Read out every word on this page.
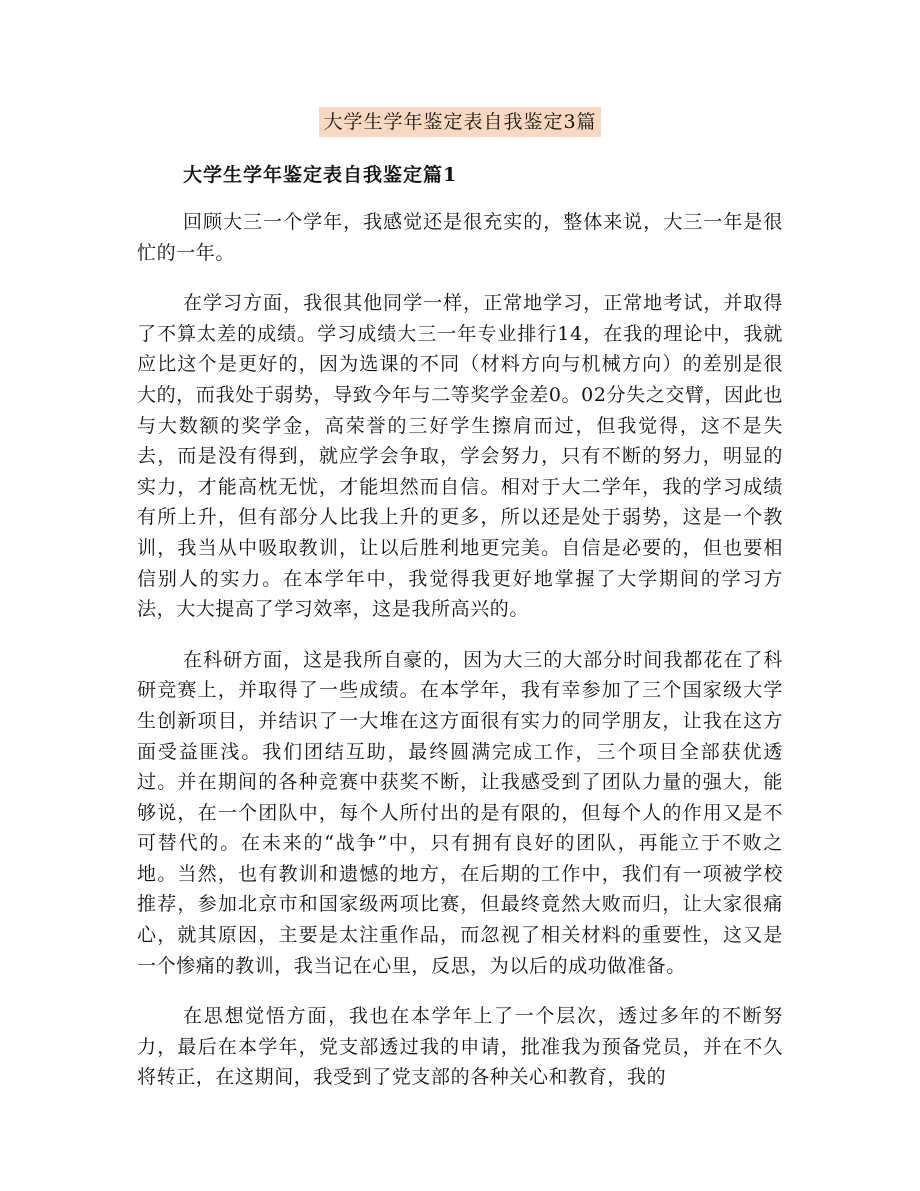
大学生学年鉴定表自我鉴定3篇
大学生学年鉴定表自我鉴定篇1

回顾大三一个学年，我感觉还是很充实的，整体来说，大三一年是很忙的一年。

在学习方面，我很其他同学一样，正常地学习，正常地考试，并取得了不算太差的成绩。学习成绩大三一年专业排行14，在我的理论中，我就应比这个是更好的，因为选课的不同（材料方向与机械方向）的差别是很大的，而我处于弱势，导致今年与二等奖学金差0。02分失之交臂，因此也与大数额的奖学金，高荣誉的三好学生擦肩而过，但我觉得，这不是失去，而是没有得到，就应学会争取，学会努力，只有不断的努力，明显的实力，才能高枕无忧，才能坦然而自信。相对于大二学年，我的学习成绩有所上升，但有部分人比我上升的更多，所以还是处于弱势，这是一个教训，我当从中吸取教训，让以后胜利地更完美。自信是必要的，但也要相信别人的实力。在本学年中，我觉得我更好地掌握了大学期间的学习方法，大大提高了学习效率，这是我所高兴的。

在科研方面，这是我所自豪的，因为大三的大部分时间我都花在了科研竞赛上，并取得了一些成绩。在本学年，我有幸参加了三个国家级大学生创新项目，并结识了一大堆在这方面很有实力的同学朋友，让我在这方面受益匪浅。我们团结互助，最终圆满完成工作，三个项目全部获优透过。并在期间的各种竞赛中获奖不断，让我感受到了团队力量的强大，能够说，在一个团队中，每个人所付出的是有限的，但每个人的作用又是不可替代的。在未来的“战争”中，只有拥有良好的团队，再能立于不败之地。当然，也有教训和遗憾的地方，在后期的工作中，我们有一项被学校推荐，参加北京市和国家级两项比赛，但最终竟然大败而归，让大家很痛心，就其原因，主要是太注重作品，而忽视了相关材料的重要性，这又是一个惨痛的教训，我当记在心里，反思，为以后的成功做准备。

在思想觉悟方面，我也在本学年上了一个层次，透过多年的不断努力，最后在本学年，党支部透过我的申请，批准我为预备党员，并在不久将转正，在这期间，我受到了党支部的各种关心和教育，我的
